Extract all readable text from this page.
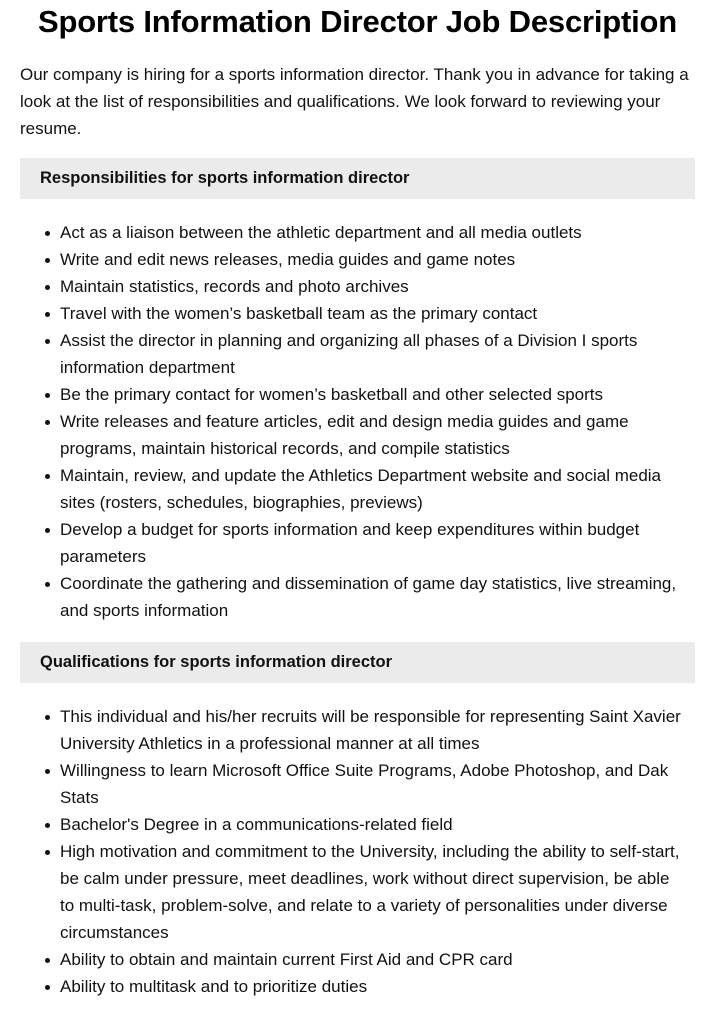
Sports Information Director Job Description

Our company is hiring for a sports information director. Thank you in advance for taking a look at the list of responsibilities and qualifications. We look forward to reviewing your resume.

Responsibilities for sports information director
Act as a liaison between the athletic department and all media outlets
Write and edit news releases, media guides and game notes
Maintain statistics, records and photo archives
Travel with the women’s basketball team as the primary contact
Assist the director in planning and organizing all phases of a Division I sports information department
Be the primary contact for women’s basketball and other selected sports
Write releases and feature articles, edit and design media guides and game programs, maintain historical records, and compile statistics
Maintain, review, and update the Athletics Department website and social media sites (rosters, schedules, biographies, previews)
Develop a budget for sports information and keep expenditures within budget parameters
Coordinate the gathering and dissemination of game day statistics, live streaming, and sports information
Qualifications for sports information director
This individual and his/her recruits will be responsible for representing Saint Xavier University Athletics in a professional manner at all times
Willingness to learn Microsoft Office Suite Programs, Adobe Photoshop, and Dak Stats
Bachelor's Degree in a communications-related field
High motivation and commitment to the University, including the ability to self-start, be calm under pressure, meet deadlines, work without direct supervision, be able to multi-task, problem-solve, and relate to a variety of personalities under diverse circumstances
Ability to obtain and maintain current First Aid and CPR card
Ability to multitask and to prioritize duties
